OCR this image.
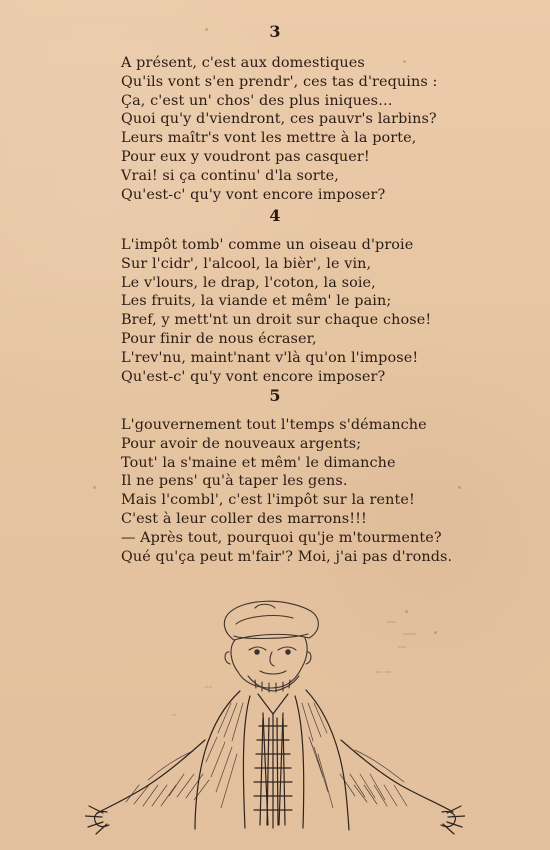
3
A présent, c'est aux domestiques
Qu'ils vont s'en prendr', ces tas d'requins :
Ça, c'est un' chos' des plus iniques…
Quoi qu'y d'viendront, ces pauvr's larbins?
Leurs maîtr's vont les mettre à la porte,
Pour eux y voudront pas casquer!
Vrai! si ça continu' d'la sorte,
Qu'est-c' qu'y vont encore imposer?
4
L'impôt tomb' comme un oiseau d'proie
Sur l'cidr', l'alcool, la bièr', le vin,
Le v'lours, le drap, l'coton, la soie,
Les fruits, la viande et mêm' le pain;
Bref, y mett'nt un droit sur chaque chose!
Pour finir de nous écraser,
L'rev'nu, maint'nant v'là qu'on l'impose!
Qu'est-c' qu'y vont encore imposer?
5
L'gouvernement tout l'temps s'démanche
Pour avoir de nouveaux argents;
Tout' la s'maine et mêm' le dimanche
Il ne pens' qu'à taper les gens.
Mais l'combl', c'est l'impôt sur la rente!
C'est à leur coller des marrons!!!
— Après tout, pourquoi qu'je m'tourmente?
Qué qu'ça peut m'fair'? Moi, j'ai pas d'ronds.
